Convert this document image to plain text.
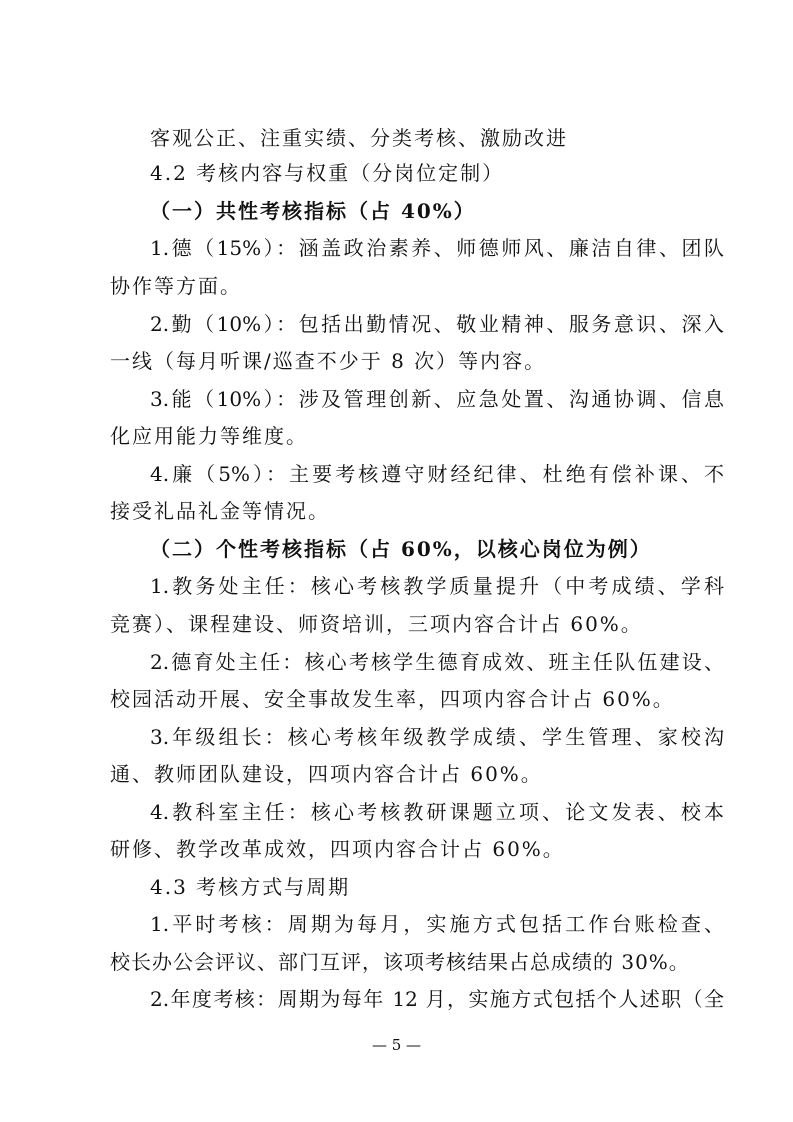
客观公正、注重实绩、分类考核、激励改进
4.2 考核内容与权重（分岗位定制）
（一）共性考核指标（占 40%）
1.德（15%）：涵盖政治素养、师德师风、廉洁自律、团队
协作等方面。
2.勤（10%）：包括出勤情况、敬业精神、服务意识、深入
一线（每月听课/巡查不少于 8 次）等内容。
3.能（10%）：涉及管理创新、应急处置、沟通协调、信息
化应用能力等维度。
4.廉（5%）：主要考核遵守财经纪律、杜绝有偿补课、不
接受礼品礼金等情况。
（二）个性考核指标（占 60%，以核心岗位为例）
1.教务处主任：核心考核教学质量提升（中考成绩、学科
竞赛）、课程建设、师资培训，三项内容合计占 60%。
2.德育处主任：核心考核学生德育成效、班主任队伍建设、
校园活动开展、安全事故发生率，四项内容合计占 60%。
3.年级组长：核心考核年级教学成绩、学生管理、家校沟
通、教师团队建设，四项内容合计占 60%。
4.教科室主任：核心考核教研课题立项、论文发表、校本
研修、教学改革成效，四项内容合计占 60%。
4.3 考核方式与周期
1.平时考核：周期为每月，实施方式包括工作台账检查、
校长办公会评议、部门互评，该项考核结果占总成绩的 30%。
2.年度考核：周期为每年 12 月，实施方式包括个人述职（全
— 5 —
